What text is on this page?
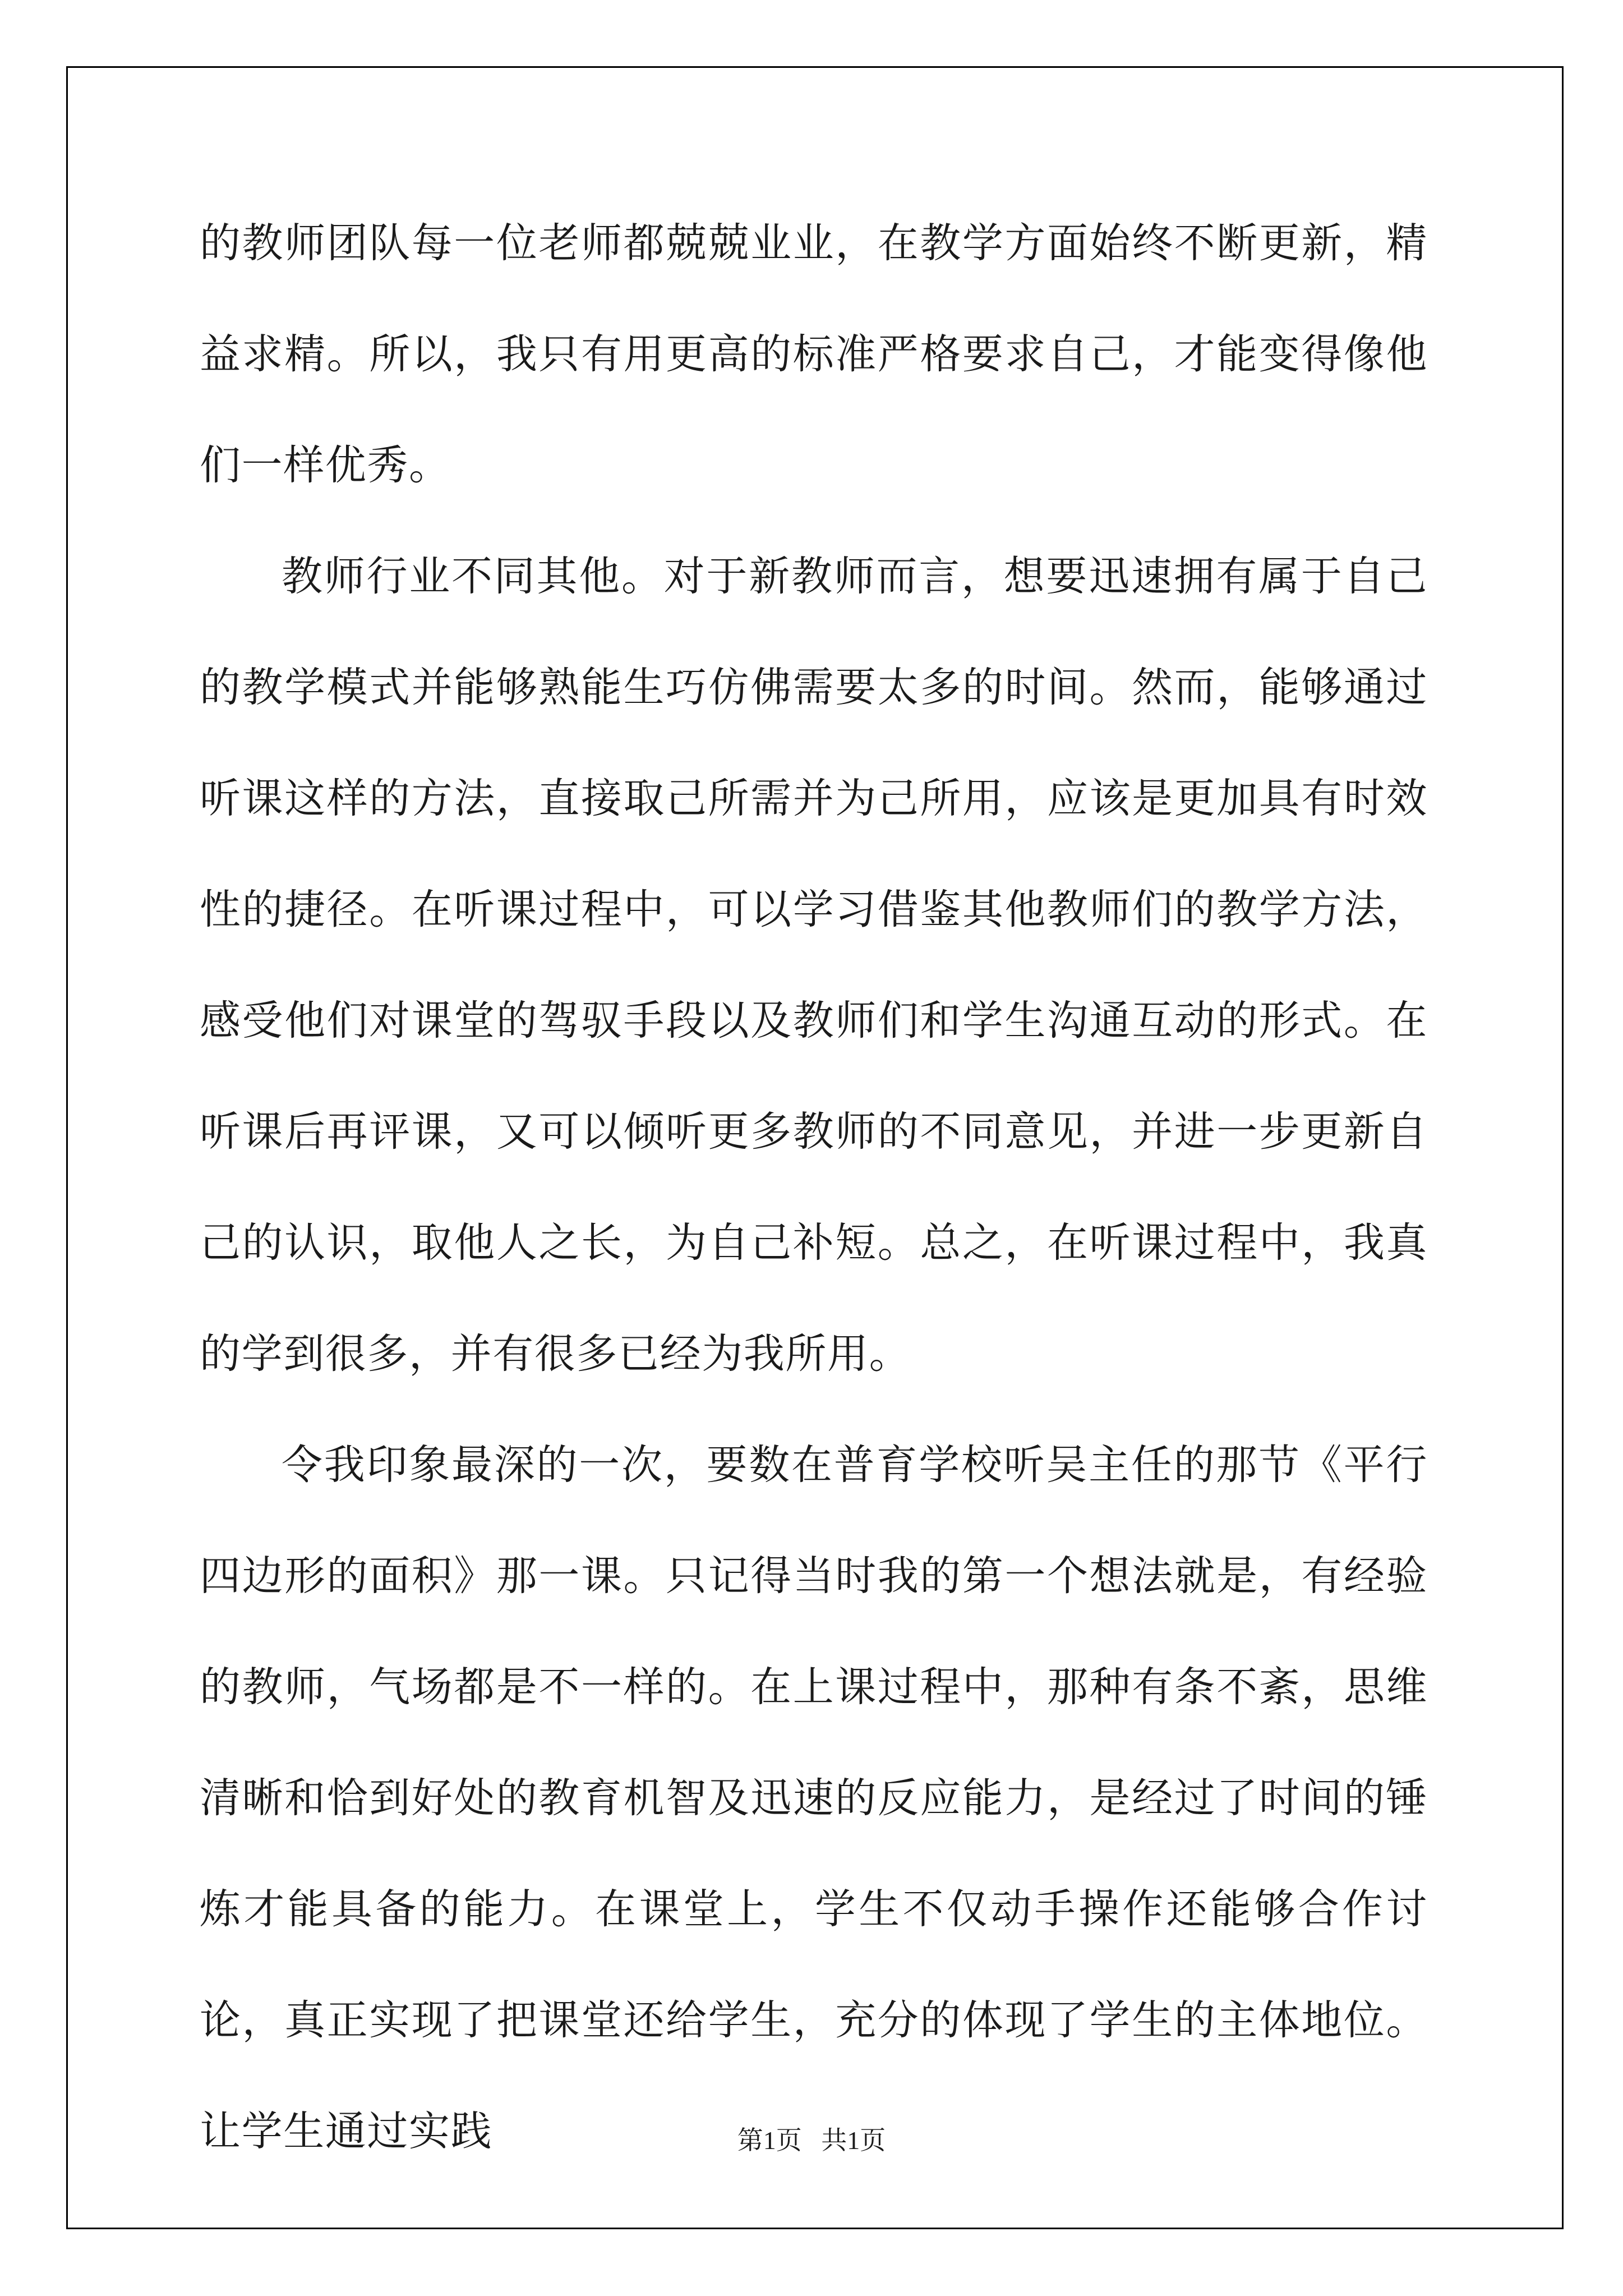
的教师团队每一位老师都兢兢业业，在教学方面始终不断更新，精益求精。所以，我只有用更高的标准严格要求自己，才能变得像他们一样优秀。

教师行业不同其他。对于新教师而言，想要迅速拥有属于自己的教学模式并能够熟能生巧仿佛需要太多的时间。然而，能够通过听课这样的方法，直接取己所需并为己所用，应该是更加具有时效性的捷径。在听课过程中，可以学习借鉴其他教师们的教学方法，感受他们对课堂的驾驭手段以及教师们和学生沟通互动的形式。在听课后再评课，又可以倾听更多教师的不同意见，并进一步更新自己的认识，取他人之长，为自己补短。总之，在听课过程中，我真的学到很多，并有很多已经为我所用。

令我印象最深的一次，要数在普育学校听吴主任的那节《平行四边形的面积》那一课。只记得当时我的第一个想法就是，有经验的教师，气场都是不一样的。在上课过程中，那种有条不紊，思维清晰和恰到好处的教育机智及迅速的反应能力，是经过了时间的锤炼才能具备的能力。在课堂上，学生不仅动手操作还能够合作讨论，真正实现了把课堂还给学生，充分的体现了学生的主体地位。让学生通过实践	第1页 共1页
